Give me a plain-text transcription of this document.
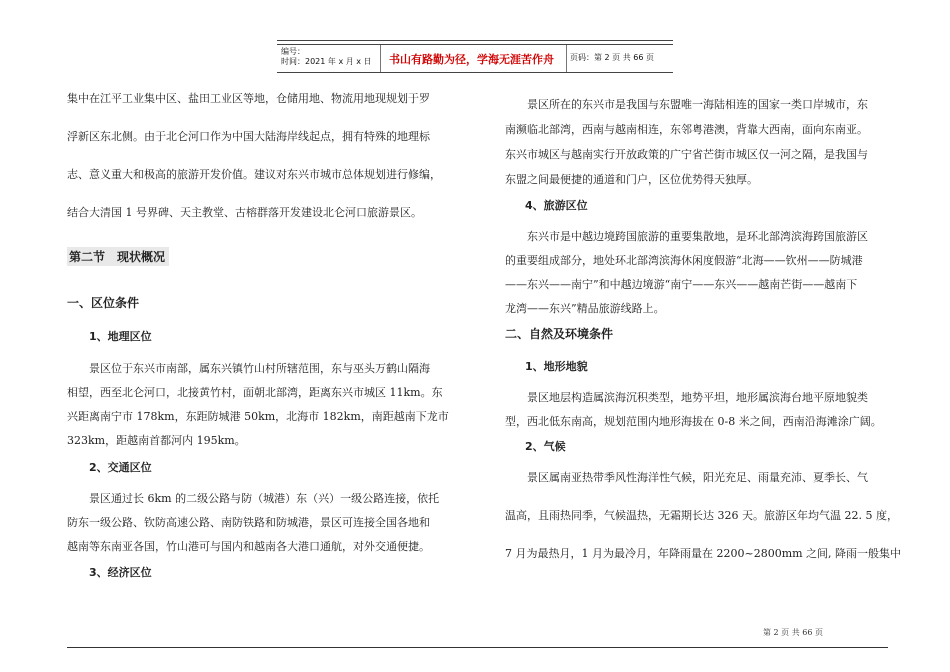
编号：
时间：2021 年 x 月 x 日 书山有路勤为径，学海无涯苦作舟 页码：第 2 页 共 66 页
集中在江平工业集中区、盐田工业区等地，仓储用地、物流用地现规划于罗
浮新区东北侧。由于北仑河口作为中国大陆海岸线起点，拥有特殊的地理标
志、意义重大和极高的旅游开发价值。建议对东兴市城市总体规划进行修编，
结合大清国 1 号界碑、天主教堂、古榕群落开发建设北仑河口旅游景区。
第二节　现状概况
一、区位条件
1、地理区位
　　景区位于东兴市南部，属东兴镇竹山村所辖范围，东与巫头万鹤山隔海
相望，西至北仑河口，北接黄竹村，面朝北部湾，距离东兴市城区 11km。东
兴距离南宁市 178km，东距防城港 50km，北海市 182km，南距越南下龙市
323km，距越南首都河内 195km。
2、交通区位
　　景区通过长 6km 的二级公路与防（城港）东（兴）一级公路连接，依托
防东一级公路、钦防高速公路、南防铁路和防城港，景区可连接全国各地和
越南等东南亚各国，竹山港可与国内和越南各大港口通航，对外交通便捷。
3、经济区位
　　景区所在的东兴市是我国与东盟唯一海陆相连的国家一类口岸城市，东
南濒临北部湾，西南与越南相连，东邻粤港澳，背靠大西南，面向东南亚。
东兴市城区与越南实行开放政策的广宁省芒街市城区仅一河之隔，是我国与
东盟之间最便捷的通道和门户，区位优势得天独厚。
4、旅游区位
　　东兴市是中越边境跨国旅游的重要集散地，是环北部湾滨海跨国旅游区
的重要组成部分，地处环北部湾滨海休闲度假游“北海——钦州——防城港
——东兴——南宁”和中越边境游“南宁——东兴——越南芒街——越南下
龙湾——东兴”精品旅游线路上。
二、自然及环境条件
1、地形地貌
　　景区地层构造属滨海沉积类型，地势平坦，地形属滨海台地平原地貌类
型，西北低东南高，规划范围内地形海拔在 0-8 米之间，西南沿海滩涂广阔。
2、气候
　　景区属南亚热带季风性海洋性气候，阳光充足、雨量充沛、夏季长、气
温高，且雨热同季，气候温热，无霜期长达 326 天。旅游区年均气温 22. 5 度，
7 月为最热月，1 月为最冷月，年降雨量在 2200~2800mm 之间, 降雨一般集中
第 2 页 共 66 页
